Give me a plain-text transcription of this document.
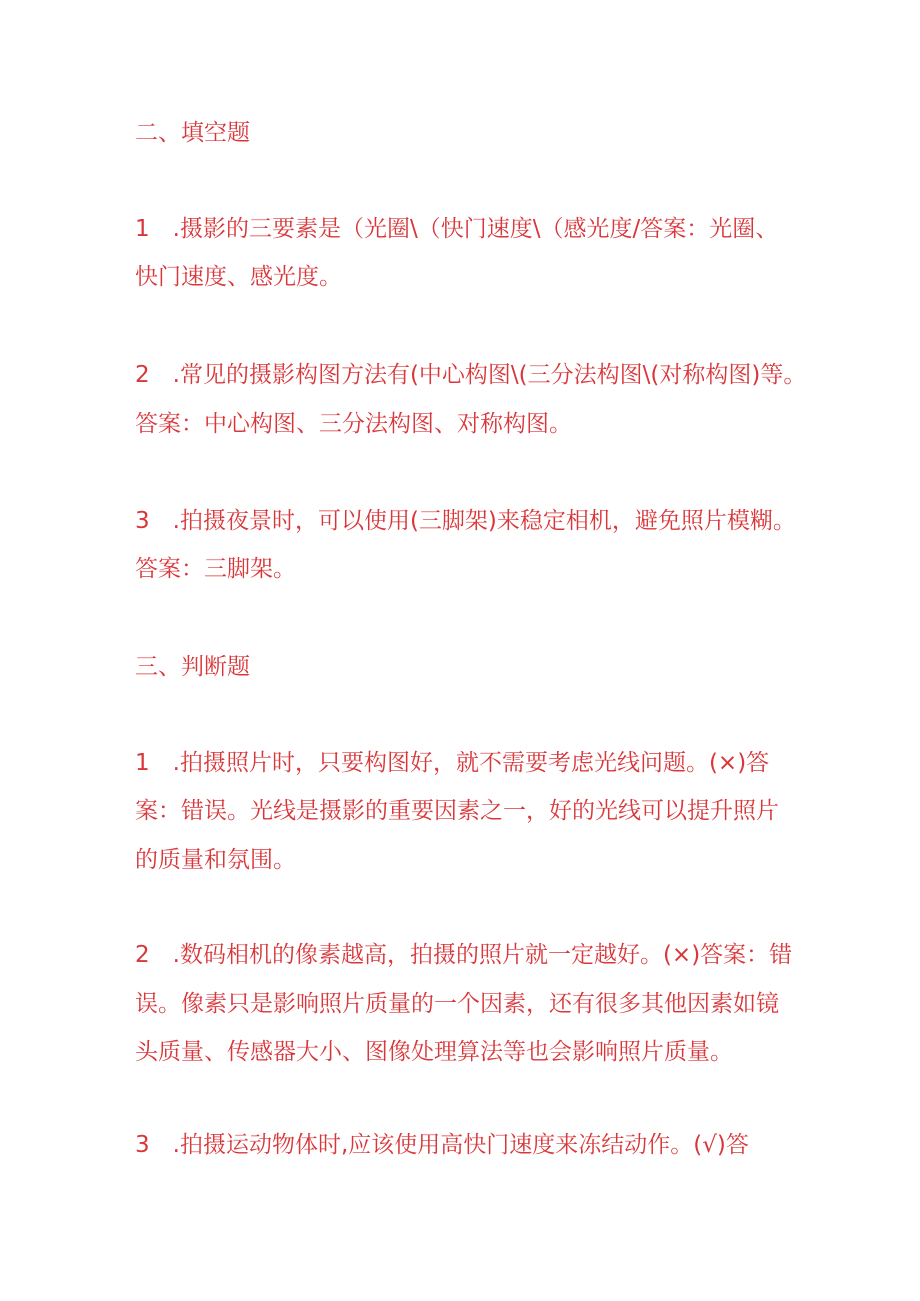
二、填空题
1　.摄影的三要素是（光圈\（快门速度\（感光度/答案：光圈、
快门速度、感光度。
2　.常见的摄影构图方法有(中心构图\(三分法构图\(对称构图)等。
答案：中心构图、三分法构图、对称构图。
3　.拍摄夜景时，可以使用(三脚架)来稳定相机，避免照片模糊。
答案：三脚架。
三、判断题
1　.拍摄照片时，只要构图好，就不需要考虑光线问题。(×)答
案：错误。光线是摄影的重要因素之一，好的光线可以提升照片
的质量和氛围。
2　.数码相机的像素越高，拍摄的照片就一定越好。(×)答案：错
误。像素只是影响照片质量的一个因素，还有很多其他因素如镜
头质量、传感器大小、图像处理算法等也会影响照片质量。
3　.拍摄运动物体时,应该使用高快门速度来冻结动作。(√)答
